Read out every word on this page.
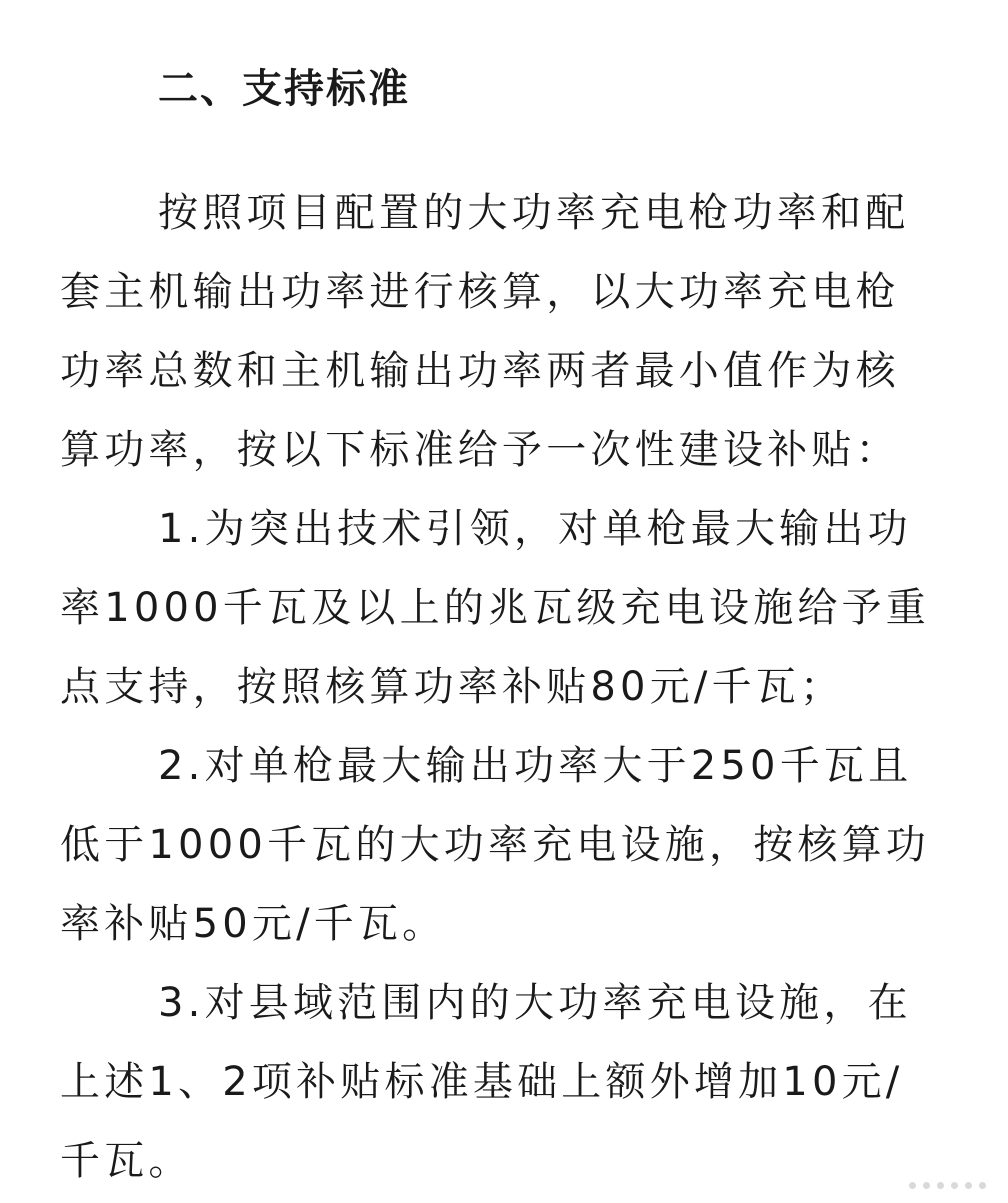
二、支持标准

按照项目配置的大功率充电枪功率和配

套主机输出功率进行核算，以大功率充电枪

功率总数和主机输出功率两者最小值作为核

算功率，按以下标准给予一次性建设补贴：

1.为突出技术引领，对单枪最大输出功

率1000千瓦及以上的兆瓦级充电设施给予重

点支持，按照核算功率补贴80元/千瓦；

2.对单枪最大输出功率大于250千瓦且

低于1000千瓦的大功率充电设施，按核算功

率补贴50元/千瓦。

3.对县域范围内的大功率充电设施，在

上述1、2项补贴标准基础上额外增加10元/

千瓦。
